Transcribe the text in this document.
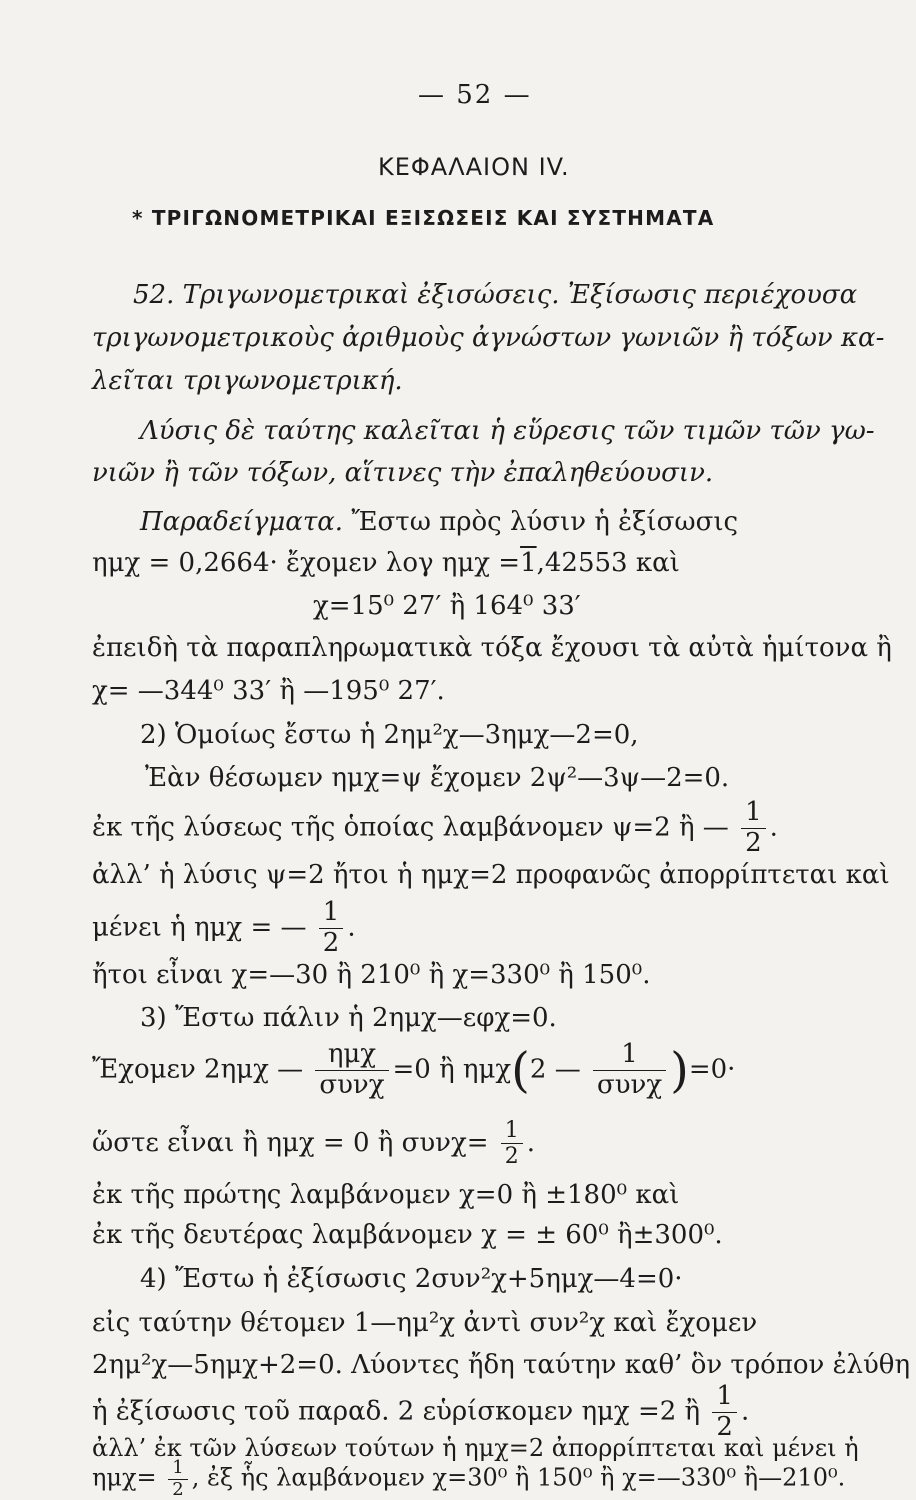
— 52 —
ΚΕΦΑΛΑΙΟΝ IV.
* ΤΡΙΓΩΝΟΜΕΤΡΙΚΑΙ ΕΞΙΣΩΣΕΙΣ ΚΑΙ ΣΥΣΤΗΜΑΤΑ
52. Τριγωνομετρικαὶ ἐξισώσεις. Ἐξίσωσις περιέχουσα
τριγωνομετρικοὺς ἀριθμοὺς ἀγνώστων γωνιῶν ἢ τόξων κα-
λεῖται τριγωνομετρική.
Λύσις δὲ ταύτης καλεῖται ἡ εὕρεσις τῶν τιμῶν τῶν γω-
νιῶν ἢ τῶν τόξων, αἵτινες τὴν ἐπαληθεύουσιν.
Παραδείγματα. Ἔστω πρὸς λύσιν ἡ ἐξίσωσις
ημχ = 0,2664· ἔχομεν λογ ημχ =1,42553 καὶ
χ=15⁰ 27′ ἢ 164⁰ 33′
ἐπειδὴ τὰ παραπληρωματικὰ τόξα ἔχουσι τὰ αὐτὰ ἡμίτονα ἢ
χ= —344⁰ 33′ ἢ —195⁰ 27′.
2) Ὁμοίως ἔστω ἡ 2ημ²χ—3ημχ—2=0,
Ἐὰν θέσωμεν ημχ=ψ ἔχομεν 2ψ²—3ψ—2=0.
ἐκ τῆς λύσεως τῆς ὁποίας λαμβάνομεν ψ=2 ἢ — $\frac{1}{2}$ .
ἀλλ’ ἡ λύσις ψ=2 ἤτοι ἡ ημχ=2 προφανῶς ἀπορρίπτεται καὶ
μένει ἡ ημχ = — $\frac{1}{2}$ .
ἤτοι εἶναι χ=—30 ἢ 210⁰ ἢ χ=330⁰ ἢ 150⁰.
3) Ἔστω πάλιν ἡ 2ημχ—εφχ=0.
Ἔχομεν 2ημχ — $\frac{\text{ημχ}}{\text{συνχ}} =0$ ἢ ημχ(2 — $\frac{1}{\text{συνχ}} )=0\cdot$
ὥστε εἶναι ἢ ημχ = 0 ἢ $\sigma\upsilon\nu\chi= \frac{1}{2}$ .
ἐκ τῆς πρώτης λαμβάνομεν χ=0 ἢ ±180⁰ καὶ
ἐκ τῆς δευτέρας λαμβάνομεν χ = ± 60⁰ ἢ±300⁰.
4) Ἔστω ἡ ἐξίσωσις 2συν²χ+5ημχ—4=0·
εἰς ταύτην θέτομεν 1—ημ²χ ἀντὶ συν²χ καὶ ἔχομεν
2ημ²χ—5ημχ+2=0. Λύοντες ἤδη ταύτην καθ’ ὃν τρόπον ἐλύθη
ἡ ἐξίσωσις τοῦ παραδ. 2 εὑρίσκομεν ημχ =2 ἢ $\frac{1}{2}$ .
ἀλλ’ ἐκ τῶν λύσεων τούτων ἡ ημχ=2 ἀπορρίπτεται καὶ μένει ἡ
$\eta\mu\chi= \frac{1}{2}$ , ἐξ ἧς λαμβάνομεν χ=30⁰ ἢ 150⁰ ἢ χ=—330⁰ ἢ—210⁰.
